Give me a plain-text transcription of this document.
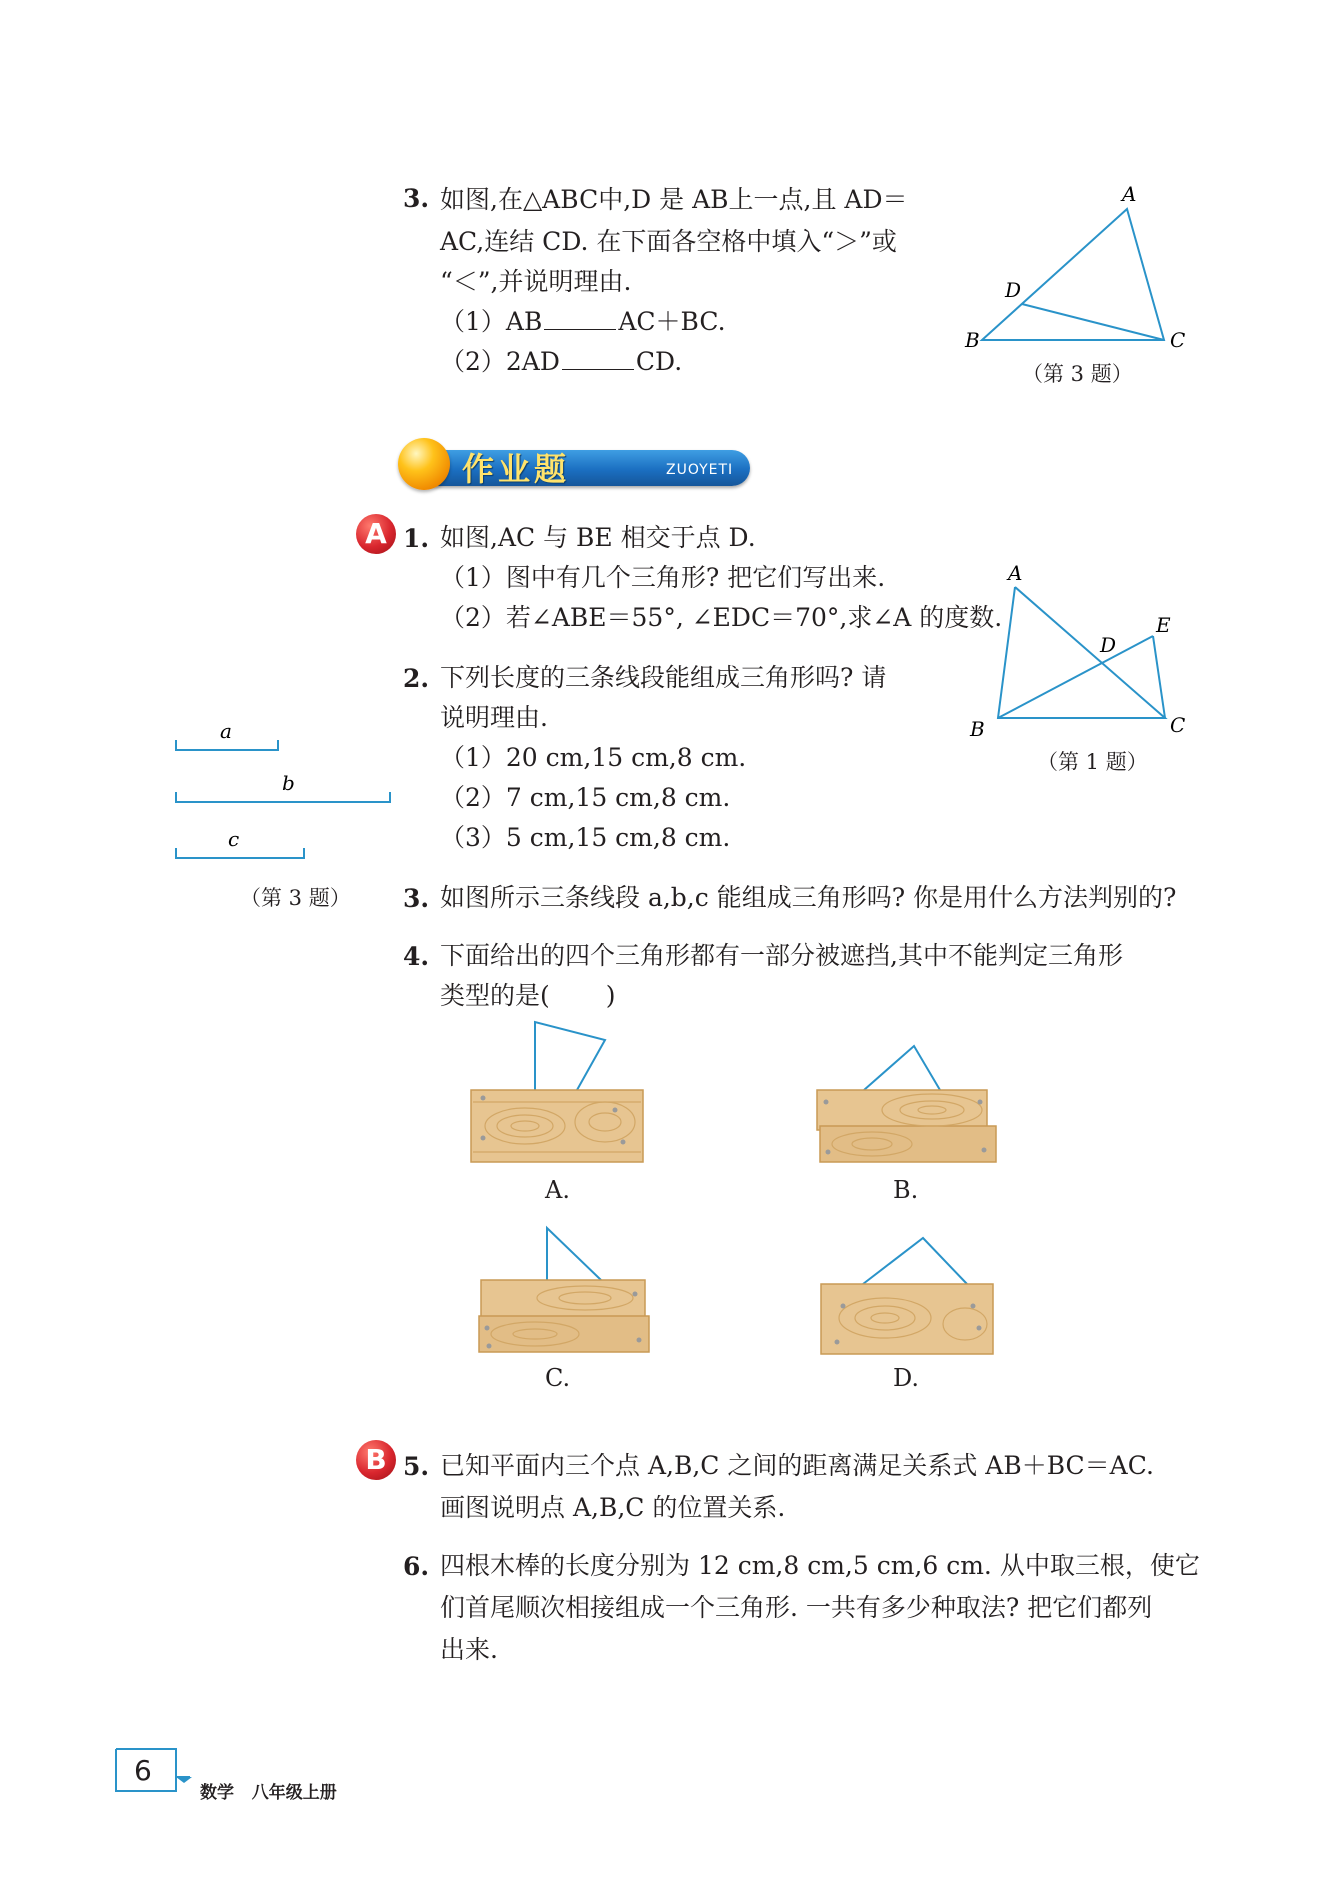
3. 如图,在△ABC中,D 是 AB上一点,且 AD＝
AC,连结 CD. 在下面各空格中填入“＞”或
“＜”,并说明理由.
（1）AB	AC＋BC.
（2）2AD	CD.
A
D
B	C
（第 3 题）
作业题	ZUOYETI
A 1. 如图,AC 与 BE 相交于点 D.
（1）图中有几个三角形? 把它们写出来.
（2）若∠ABE＝55°, ∠EDC＝70°,求∠A 的度数.
A
E
D
B	C
（第 1 题）
2. 下列长度的三条线段能组成三角形吗? 请
说明理由.
（1）20 cm,15 cm,8 cm.
（2）7 cm,15 cm,8 cm.
（3）5 cm,15 cm,8 cm.
a
b
c
（第 3 题） 3. 如图所示三条线段 a,b,c 能组成三角形吗? 你是用什么方法判别的?
4. 下面给出的四个三角形都有一部分被遮挡,其中不能判定三角形
类型的是( )
A.	B.
C.	D.
B 5. 已知平面内三个点 A,B,C 之间的距离满足关系式 AB＋BC＝AC.
画图说明点 A,B,C 的位置关系.
6. 四根木棒的长度分别为 12 cm,8 cm,5 cm,6 cm. 从中取三根，使它
们首尾顺次相接组成一个三角形. 一共有多少种取法? 把它们都列
出来.
6
数学   八年级上册
